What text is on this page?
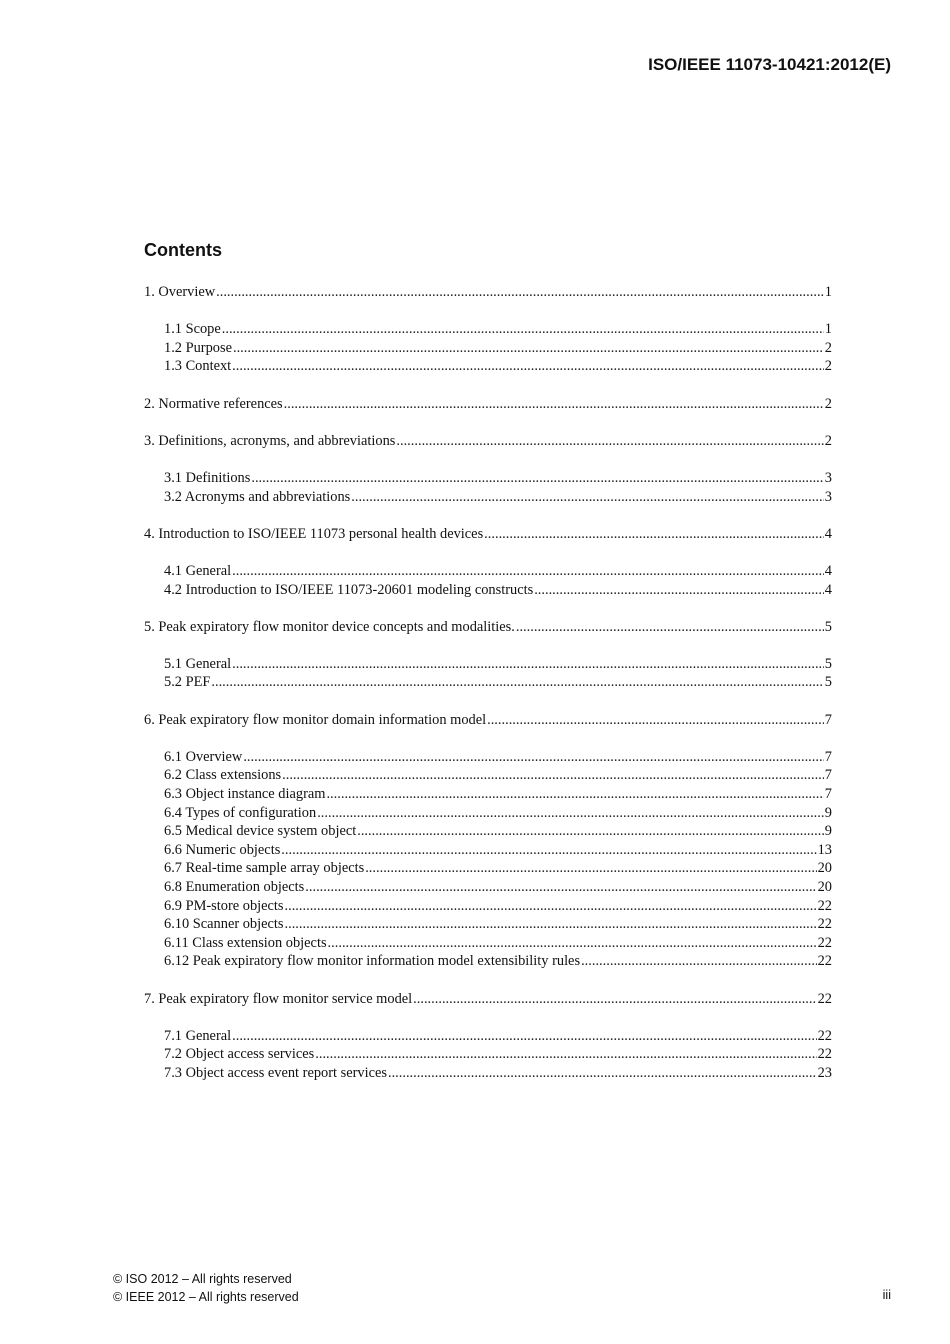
ISO/IEEE 11073-10421:2012(E)
Contents
1. Overview .....	1
1.1 Scope .....	1
1.2 Purpose .....	2
1.3 Context .....	2
2. Normative references .....	2
3. Definitions, acronyms, and abbreviations .....	2
3.1 Definitions .....	3
3.2 Acronyms and abbreviations .....	3
4. Introduction to ISO/IEEE 11073 personal health devices .....	4
4.1 General .....	4
4.2 Introduction to ISO/IEEE 11073-20601 modeling constructs .....	4
5. Peak expiratory flow monitor device concepts and modalities. .....	5
5.1 General .....	5
5.2 PEF .....	5
6. Peak expiratory flow monitor domain information model .....	7
6.1 Overview .....	7
6.2 Class extensions .....	7
6.3 Object instance diagram .....	7
6.4 Types of configuration .....	9
6.5 Medical device system object .....	9
6.6 Numeric objects .....	13
6.7 Real-time sample array objects .....	20
6.8 Enumeration objects .....	20
6.9 PM-store objects .....	22
6.10 Scanner objects .....	22
6.11 Class extension objects .....	22
6.12 Peak expiratory flow monitor information model extensibility rules .....	22
7. Peak expiratory flow monitor service model .....	22
7.1 General .....	22
7.2 Object access services .....	22
7.3 Object access event report services .....	23
© ISO 2012 – All rights reserved
© IEEE 2012 – All rights reserved	iii
